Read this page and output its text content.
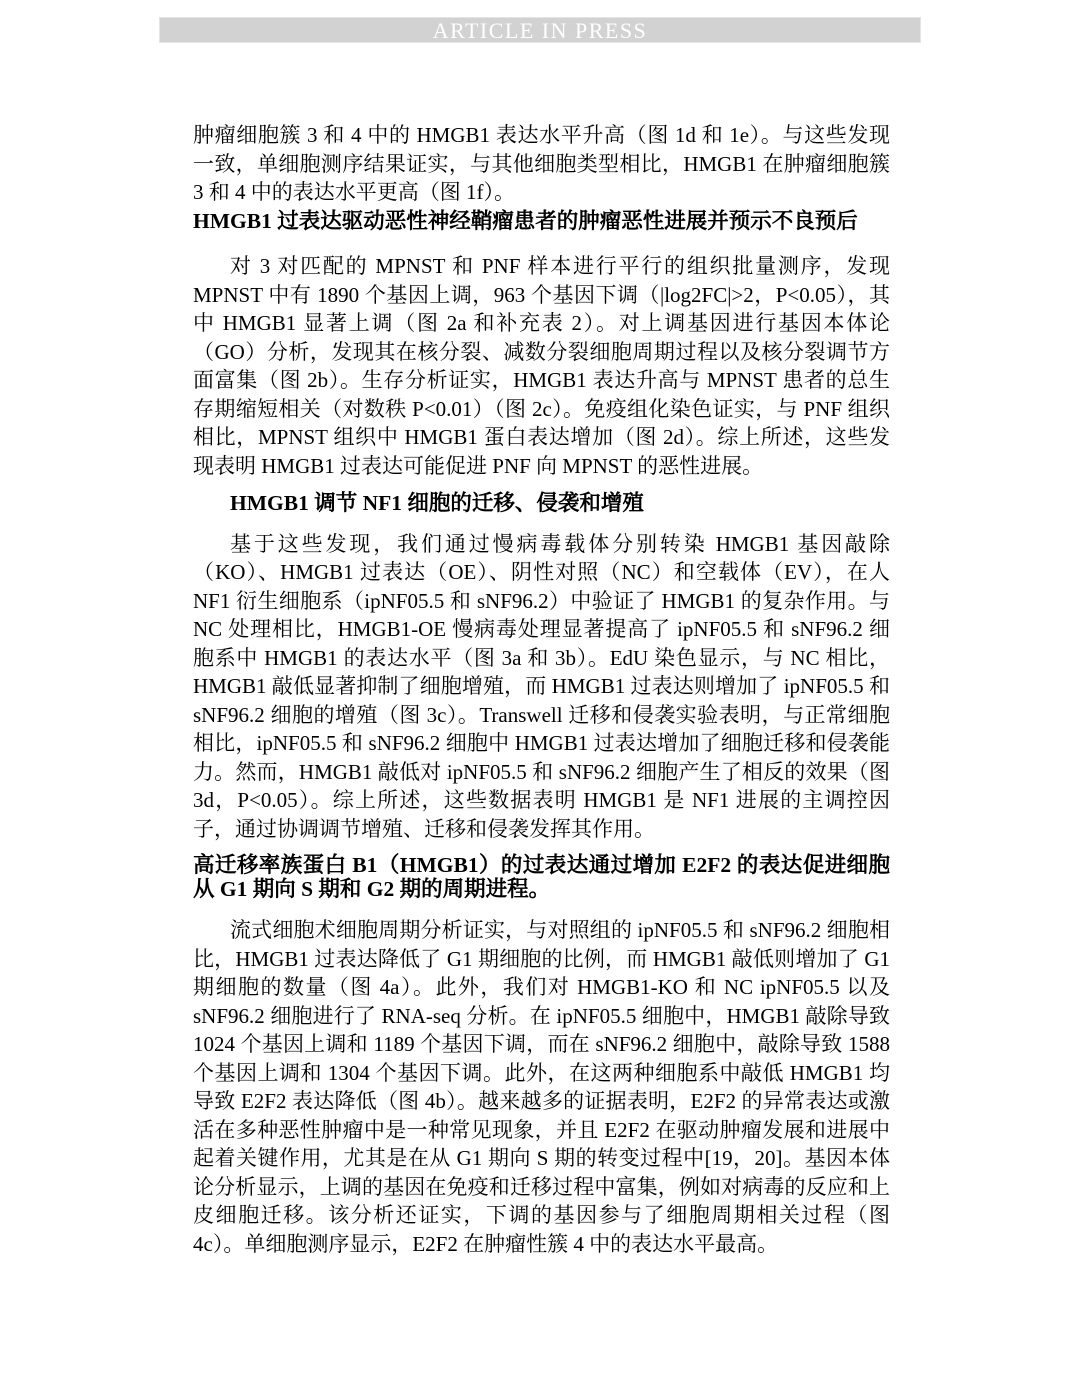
ARTICLE IN PRESS

肿瘤细胞簇 3 和 4 中的 HMGB1 表达水平升高（图 1d 和 1e）。与这些发现一致，单细胞测序结果证实，与其他细胞类型相比，HMGB1 在肿瘤细胞簇 3 和 4 中的表达水平更高（图 1f）。

HMGB1 过表达驱动恶性神经鞘瘤患者的肿瘤恶性进展并预示不良预后

对 3 对匹配的 MPNST 和 PNF 样本进行平行的组织批量测序，发现 MPNST 中有 1890 个基因上调，963 个基因下调（|log2FC|>2，P<0.05），其中 HMGB1 显著上调（图 2a 和补充表 2）。对上调基因进行基因本体论（GO）分析，发现其在核分裂、减数分裂细胞周期过程以及核分裂调节方面富集（图 2b）。生存分析证实，HMGB1 表达升高与 MPNST 患者的总生存期缩短相关（对数秩 P<0.01）（图 2c）。免疫组化染色证实，与 PNF 组织相比，MPNST 组织中 HMGB1 蛋白表达增加（图 2d）。综上所述，这些发现表明 HMGB1 过表达可能促进 PNF 向 MPNST 的恶性进展。

HMGB1 调节 NF1 细胞的迁移、侵袭和增殖

基于这些发现，我们通过慢病毒载体分别转染 HMGB1 基因敲除（KO）、HMGB1 过表达（OE）、阴性对照（NC）和空载体（EV），在人 NF1 衍生细胞系（ipNF05.5 和 sNF96.2）中验证了 HMGB1 的复杂作用。与 NC 处理相比，HMGB1-OE 慢病毒处理显著提高了 ipNF05.5 和 sNF96.2 细胞系中 HMGB1 的表达水平（图 3a 和 3b）。EdU 染色显示，与 NC 相比，HMGB1 敲低显著抑制了细胞增殖，而 HMGB1 过表达则增加了 ipNF05.5 和 sNF96.2 细胞的增殖（图 3c）。Transwell 迁移和侵袭实验表明，与正常细胞相比，ipNF05.5 和 sNF96.2 细胞中 HMGB1 过表达增加了细胞迁移和侵袭能力。然而，HMGB1 敲低对 ipNF05.5 和 sNF96.2 细胞产生了相反的效果（图 3d，P<0.05）。综上所述，这些数据表明 HMGB1 是 NF1 进展的主调控因子，通过协调调节增殖、迁移和侵袭发挥其作用。

高迁移率族蛋白 B1（HMGB1）的过表达通过增加 E2F2 的表达促进细胞从 G1 期向 S 期和 G2 期的周期进程。

流式细胞术细胞周期分析证实，与对照组的 ipNF05.5 和 sNF96.2 细胞相比，HMGB1 过表达降低了 G1 期细胞的比例，而 HMGB1 敲低则增加了 G1 期细胞的数量（图 4a）。此外，我们对 HMGB1-KO 和 NC ipNF05.5 以及 sNF96.2 细胞进行了 RNA-seq 分析。在 ipNF05.5 细胞中，HMGB1 敲除导致 1024 个基因上调和 1189 个基因下调，而在 sNF96.2 细胞中，敲除导致 1588 个基因上调和 1304 个基因下调。此外，在这两种细胞系中敲低 HMGB1 均导致 E2F2 表达降低（图 4b）。越来越多的证据表明，E2F2 的异常表达或激活在多种恶性肿瘤中是一种常见现象，并且 E2F2 在驱动肿瘤发展和进展中起着关键作用，尤其是在从 G1 期向 S 期的转变过程中[19，20]。基因本体论分析显示，上调的基因在免疫和迁移过程中富集，例如对病毒的反应和上皮细胞迁移。该分析还证实，下调的基因参与了细胞周期相关过程（图 4c）。单细胞测序显示，E2F2 在肿瘤性簇 4 中的表达水平最高。
